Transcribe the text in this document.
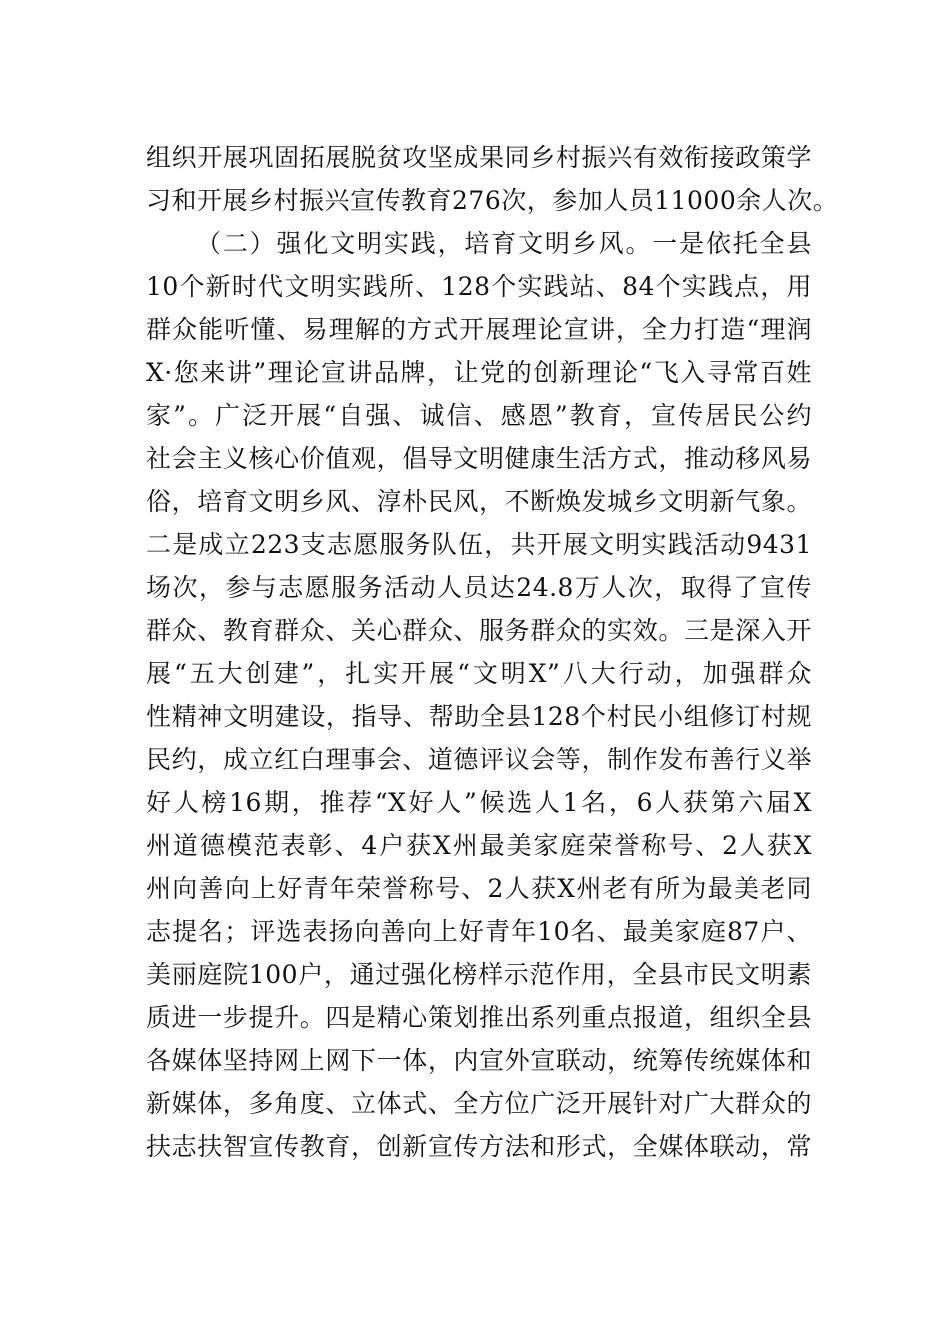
组织开展巩固拓展脱贫攻坚成果同乡村振兴有效衔接政策学
习和开展乡村振兴宣传教育276次，参加人员11000余人次。
（二）强化文明实践，培育文明乡风。一是依托全县
10个新时代文明实践所、128个实践站、84个实践点，用
群众能听懂、易理解的方式开展理论宣讲，全力打造“理润
X·您来讲”理论宣讲品牌，让党的创新理论“飞入寻常百姓
家”。广泛开展“自强、诚信、感恩”教育，宣传居民公约
社会主义核心价值观，倡导文明健康生活方式，推动移风易
俗，培育文明乡风、淳朴民风，不断焕发城乡文明新气象。
二是成立223支志愿服务队伍，共开展文明实践活动9431
场次，参与志愿服务活动人员达24.8万人次，取得了宣传
群众、教育群众、关心群众、服务群众的实效。三是深入开
展“五大创建”，扎实开展“文明X”八大行动，加强群众
性精神文明建设，指导、帮助全县128个村民小组修订村规
民约，成立红白理事会、道德评议会等，制作发布善行义举
好人榜16期，推荐“X好人”候选人1名，6人获第六届X
州道德模范表彰、4户获X州最美家庭荣誉称号、2人获X
州向善向上好青年荣誉称号、2人获X州老有所为最美老同
志提名；评选表扬向善向上好青年10名、最美家庭87户、
美丽庭院100户，通过强化榜样示范作用，全县市民文明素
质进一步提升。四是精心策划推出系列重点报道，组织全县
各媒体坚持网上网下一体，内宣外宣联动，统筹传统媒体和
新媒体，多角度、立体式、全方位广泛开展针对广大群众的
扶志扶智宣传教育，创新宣传方法和形式，全媒体联动，常
